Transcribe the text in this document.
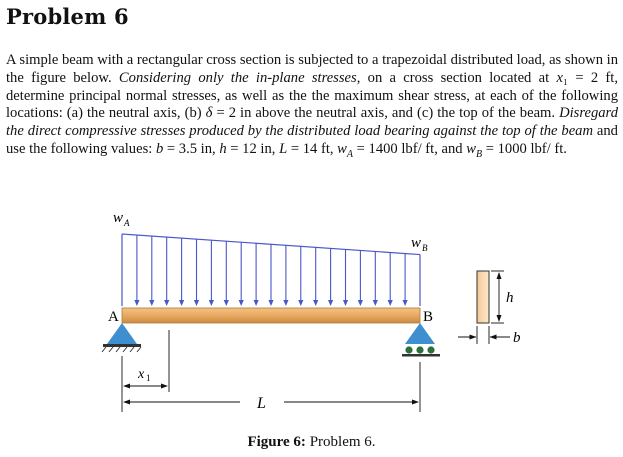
Problem 6
A simple beam with a rectangular cross section is subjected to a trapezoidal distributed load, as shown in the figure below. Considering only the in-plane stresses, on a cross section located at x₁ = 2 ft, determine principal normal stresses, as well as the the maximum shear stress, at each of the following locations: (a) the neutral axis, (b) δ = 2 in above the neutral axis, and (c) the top of the beam. Disregard the direct compressive stresses produced by the distributed load bearing against the top of the beam and use the following values: b = 3.5 in, h = 12 in, L = 14 ft, $w_A = 1400$ lbf/ ft, and $w_B = 1000$ lbf/ ft.
A	B
w A
w B
x 1
L
h
b
Figure 6: Problem 6.
